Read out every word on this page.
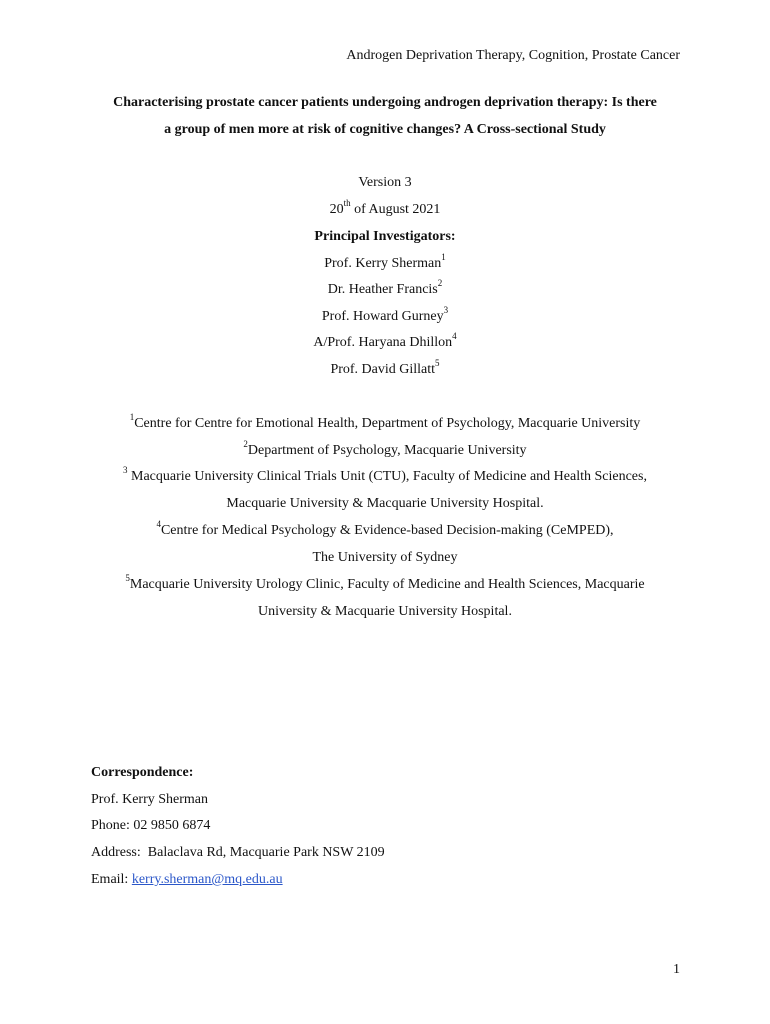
Androgen Deprivation Therapy, Cognition, Prostate Cancer
Characterising prostate cancer patients undergoing androgen deprivation therapy: Is there
a group of men more at risk of cognitive changes? A Cross-sectional Study
Version 3
20th of August 2021
Principal Investigators:
Prof. Kerry Sherman$^1$
Dr. Heather Francis$^2$
Prof. Howard Gurney$^3$
A/Prof. Haryana Dhillon$^4$
Prof. David Gillatt$^5$
$^1$Centre for Centre for Emotional Health, Department of Psychology, Macquarie University
$^2$Department of Psychology, Macquarie University
$^3$ Macquarie University Clinical Trials Unit (CTU), Faculty of Medicine and Health Sciences,
Macquarie University & Macquarie University Hospital.
$^4$Centre for Medical Psychology & Evidence-based Decision-making (CeMPED),
The University of Sydney
$^5$Macquarie University Urology Clinic, Faculty of Medicine and Health Sciences, Macquarie
University & Macquarie University Hospital.
Correspondence:
Prof. Kerry Sherman
Phone: 02 9850 6874
Address:  Balaclava Rd, Macquarie Park NSW 2109
Email: kerry.sherman@mq.edu.au
1
